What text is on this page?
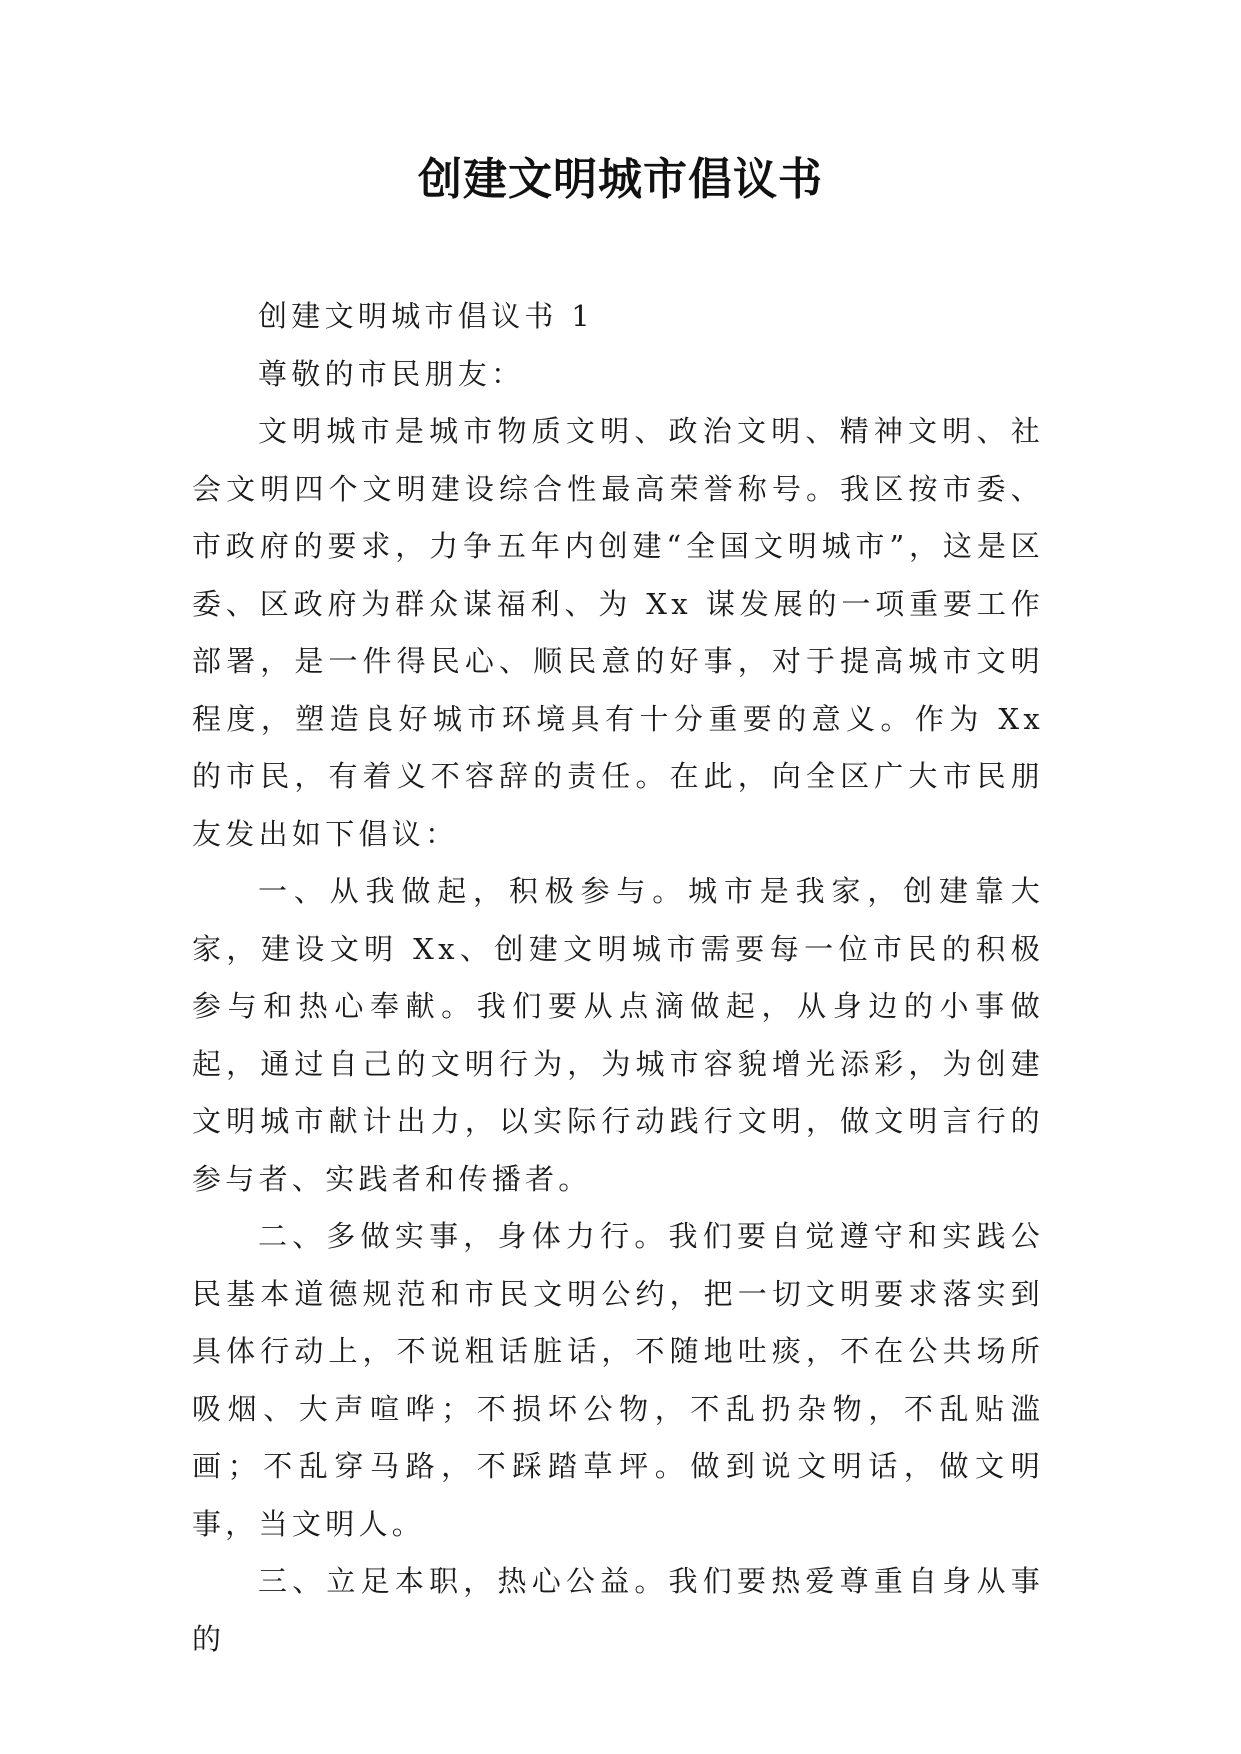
创建文明城市倡议书

创建文明城市倡议书 1

尊敬的市民朋友：

文明城市是城市物质文明、政治文明、精神文明、社会文明四个文明建设综合性最高荣誉称号。我区按市委、市政府的要求，力争五年内创建“全国文明城市”，这是区委、区政府为群众谋福利、为 Xx 谋发展的一项重要工作部署，是一件得民心、顺民意的好事，对于提高城市文明程度，塑造良好城市环境具有十分重要的意义。作为 Xx 的市民，有着义不容辞的责任。在此，向全区广大市民朋友发出如下倡议：

一、从我做起，积极参与。城市是我家，创建靠大家，建设文明 Xx、创建文明城市需要每一位市民的积极参与和热心奉献。我们要从点滴做起，从身边的小事做起，通过自己的文明行为，为城市容貌增光添彩，为创建文明城市献计出力，以实际行动践行文明，做文明言行的参与者、实践者和传播者。

二、多做实事，身体力行。我们要自觉遵守和实践公民基本道德规范和市民文明公约，把一切文明要求落实到具体行动上，不说粗话脏话，不随地吐痰，不在公共场所吸烟、大声喧哗；不损坏公物，不乱扔杂物，不乱贴滥画；不乱穿马路，不踩踏草坪。做到说文明话，做文明事，当文明人。

三、立足本职，热心公益。我们要热爱尊重自身从事的
